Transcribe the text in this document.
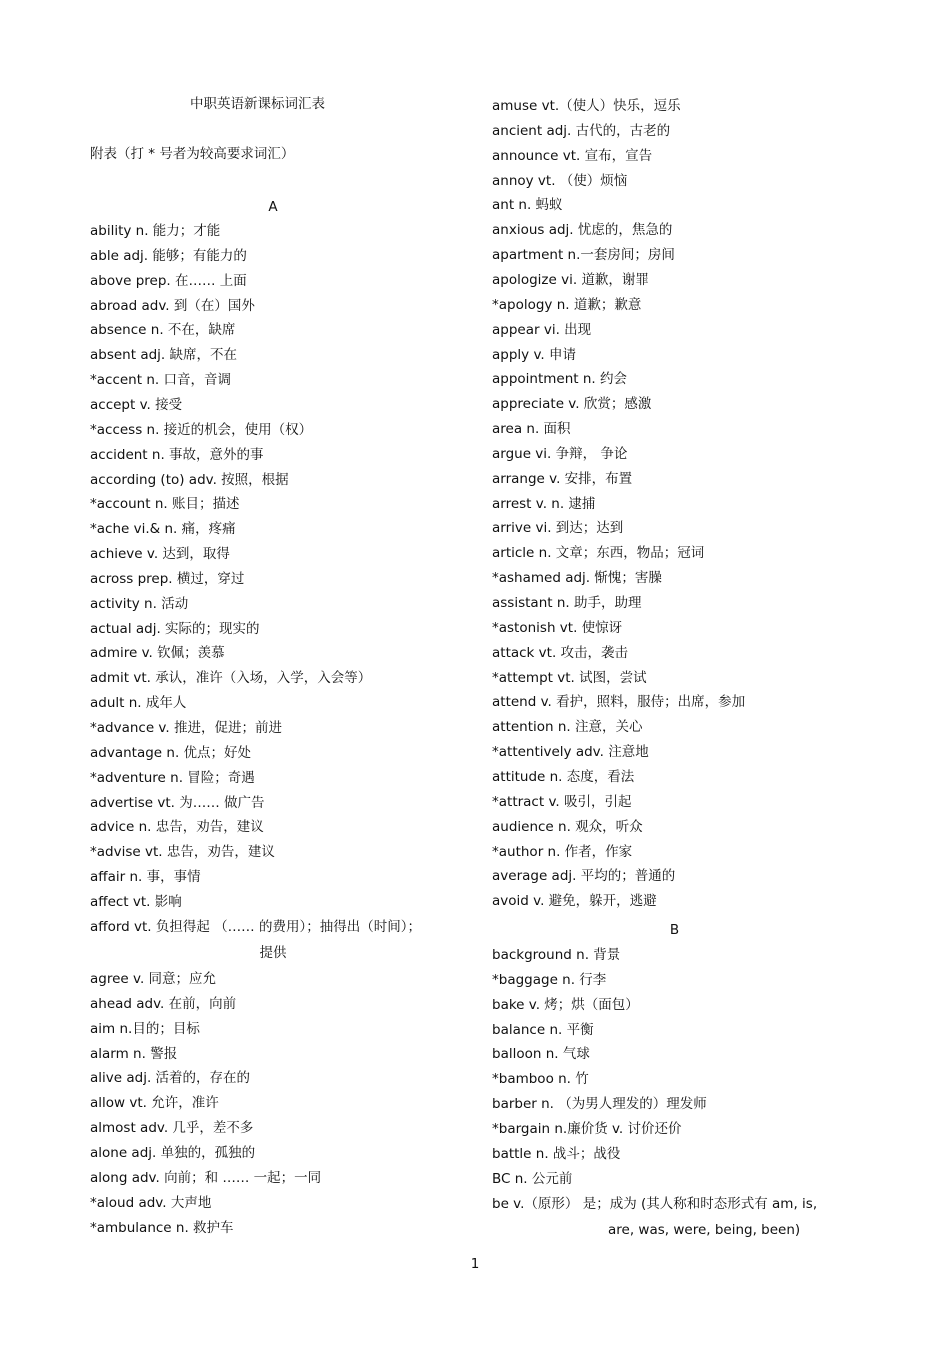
中职英语新课标词汇表
附表（打 * 号者为较高要求词汇）
A
ability n. 能力；才能
able adj. 能够；有能力的
above prep. 在…… 上面
abroad adv. 到（在）国外
absence n. 不在，缺席
absent adj. 缺席，不在
*accent n. 口音，音调
accept v. 接受
*access n. 接近的机会，使用（权）
accident n. 事故，意外的事
according (to) adv. 按照，根据
*account n. 账目；描述
*ache vi.& n. 痛，疼痛
achieve v. 达到，取得
across prep. 横过，穿过
activity n. 活动
actual adj. 实际的；现实的
admire v. 钦佩；羡慕
admit vt. 承认，准许（入场，入学，入会等）
adult n. 成年人
*advance v. 推进，促进；前进
advantage n. 优点；好处
*adventure n. 冒险；奇遇
advertise vt. 为…… 做广告
advice n. 忠告，劝告，建议
*advise vt. 忠告，劝告，建议
affair n. 事，事情
affect vt. 影响
afford vt. 负担得起 （…… 的费用）；抽得出（时间）；
agree v. 同意；应允
ahead adv. 在前，向前
aim n.目的；目标
alarm n. 警报
alive adj. 活着的，存在的
allow vt. 允许，准许
almost adv. 几乎，差不多
alone adj. 单独的，孤独的
along adv. 向前；和 …… 一起；一同
*aloud adv. 大声地
*ambulance n. 救护车
提供
amuse vt.（使人）快乐，逗乐
ancient adj. 古代的，古老的
announce vt. 宣布，宣告
annoy vt. （使）烦恼
ant n. 蚂蚁
anxious adj. 忧虑的，焦急的
apartment n.一套房间；房间
apologize vi. 道歉，谢罪
*apology n. 道歉；歉意
appear vi. 出现
apply v. 申请
appointment n. 约会
appreciate v. 欣赏；感激
area n. 面积
argue vi. 争辩， 争论
arrange v. 安排，布置
arrest v. n. 逮捕
arrive vi. 到达；达到
article n. 文章；东西，物品；冠词
*ashamed adj. 惭愧；害臊
assistant n. 助手，助理
*astonish vt. 使惊讶
attack vt. 攻击，袭击
*attempt vt. 试图，尝试
attend v. 看护，照料，服侍；出席，参加
attention n. 注意，关心
*attentively adv. 注意地
attitude n. 态度，看法
*attract v. 吸引，引起
audience n. 观众，听众
*author n. 作者，作家
average adj. 平均的；普通的
avoid v. 避免，躲开，逃避
B
background n. 背景
*baggage n. 行李
bake v. 烤；烘（面包）
balance n. 平衡
balloon n. 气球
*bamboo n. 竹
barber n. （为男人理发的）理发师
*bargain n.廉价货 v. 讨价还价
battle n. 战斗；战役
BC n. 公元前
be v.（原形） 是；成为 (其人称和时态形式有 am, is,
are, was, were, being, been)
1
